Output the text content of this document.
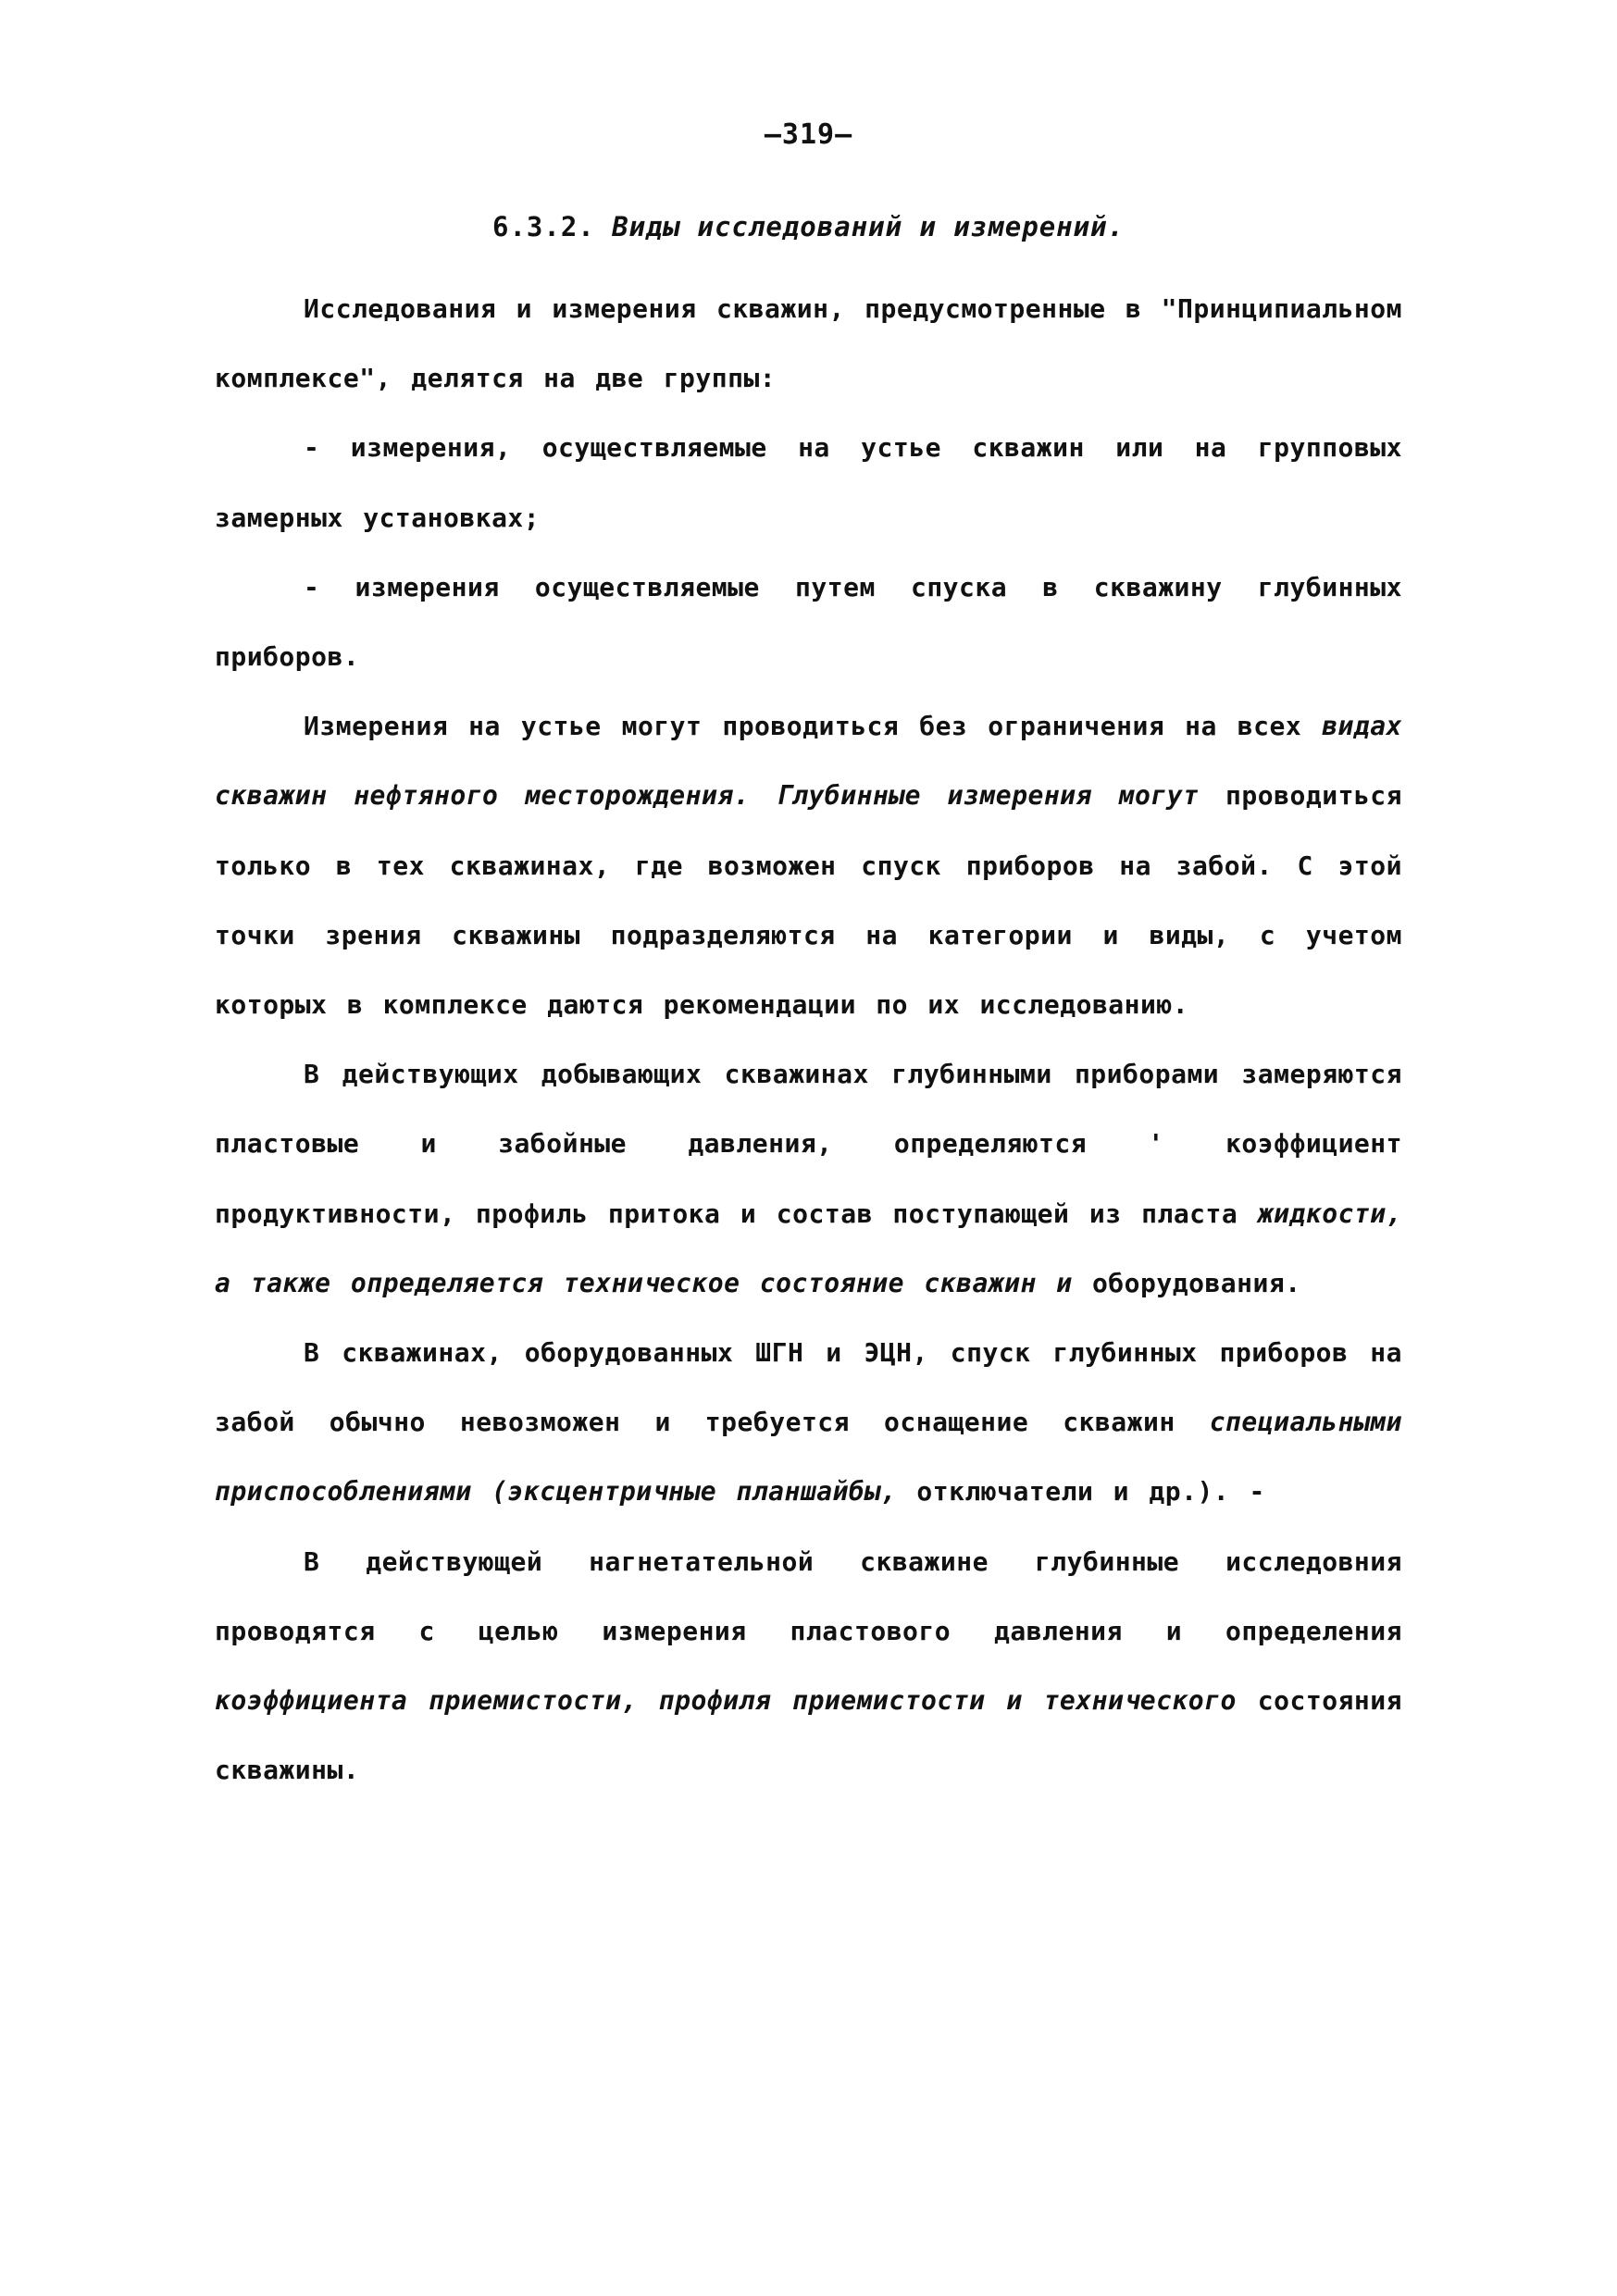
—319—
6.3.2. Виды исследований и измерений.

Исследования и измерения скважин, предусмотренные в "Принципиальном комплексе", делятся на две группы:

- измерения, осуществляемые на устье скважин или на групповых замерных установках;

- измерения осуществляемые путем спуска в скважину глубинных приборов.

Измерения на устье могут проводиться без ограничения на всех видах скважин нефтяного месторождения. Глубинные измерения могут проводиться только в тех скважинах, где возможен спуск приборов на забой. С этой точки зрения скважины подразделяются на категории и виды, с учетом которых в комплексе даются рекомендации по их исследованию.

В действующих добывающих скважинах глубинными приборами замеряются пластовые и забойные давления, определяются ' коэффициент продуктивности, профиль притока и состав поступающей из пласта жидкости, а также определяется техническое состояние скважин и оборудования.

В скважинах, оборудованных ШГН и ЭЦН, спуск глубинных приборов на забой обычно невозможен и требуется оснащение скважин специальными приспособлениями (эксцентричные планшайбы, отключатели и др.). -

В действующей нагнетательной скважине глубинные исследовния проводятся с целью измерения пластового давления и определения коэффициента приемистости, профиля приемистости и технического состояния скважины.
